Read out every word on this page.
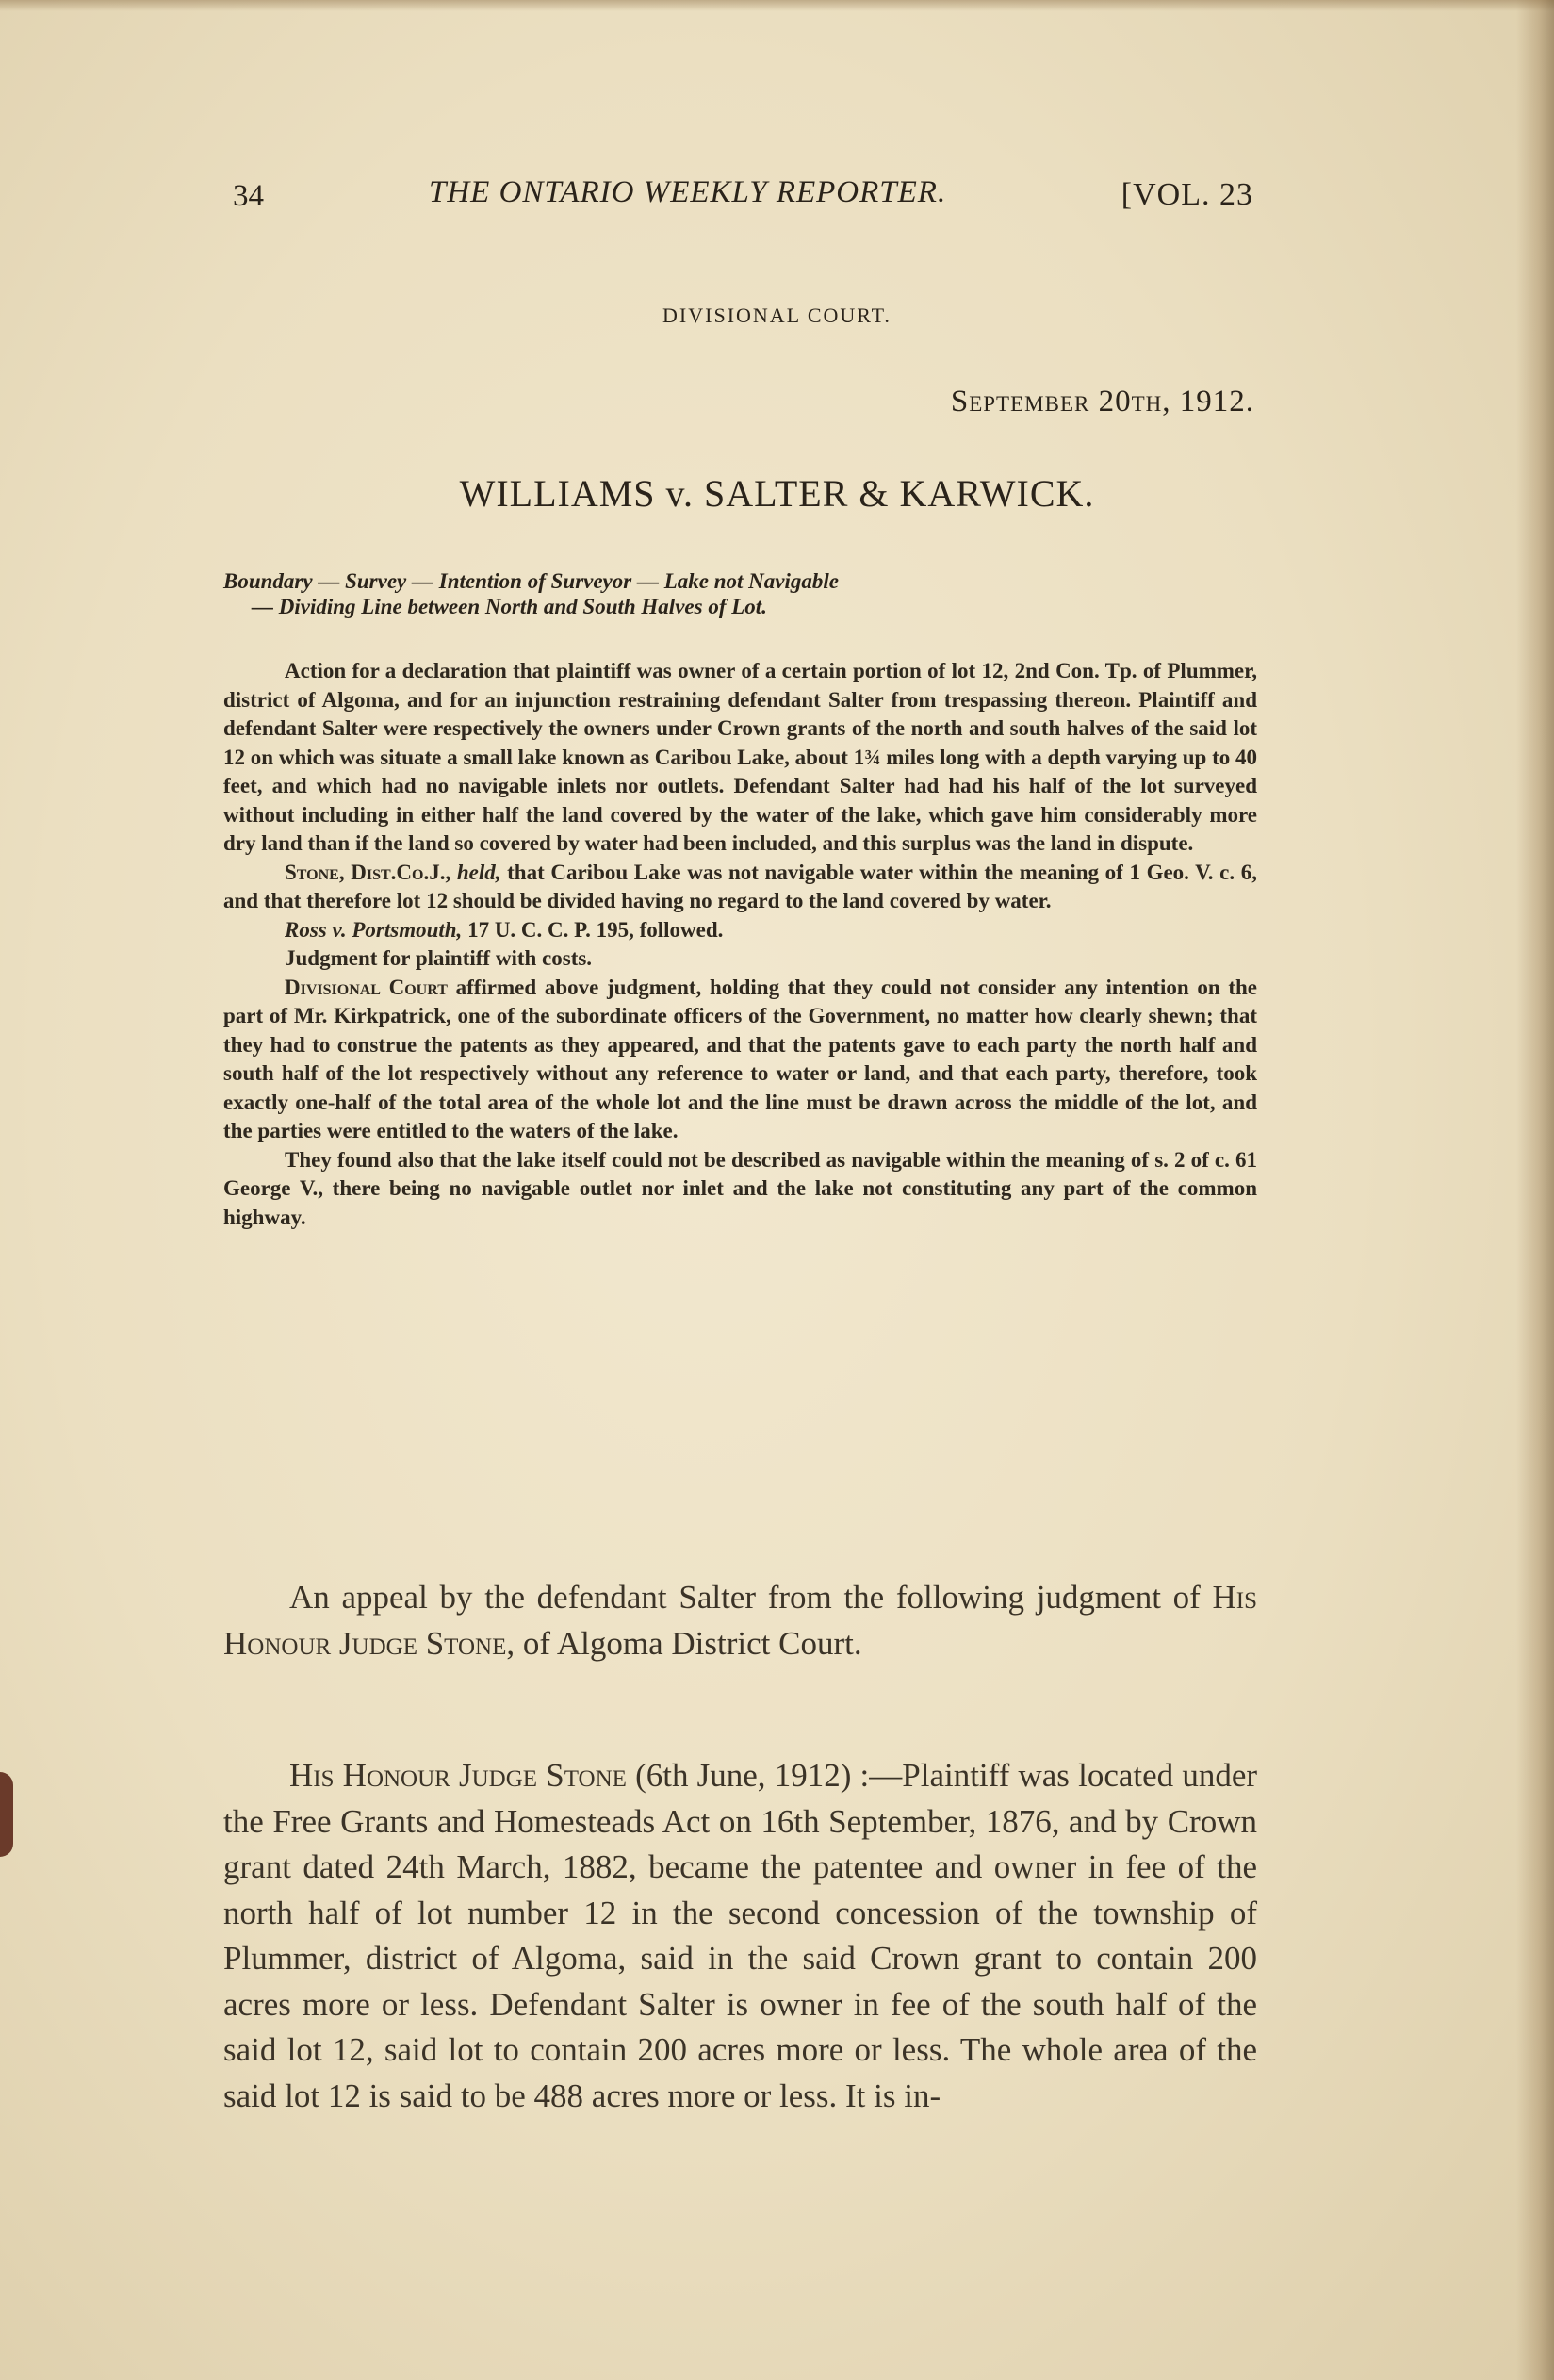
34	THE ONTARIO WEEKLY REPORTER.	[VOL. 23
DIVISIONAL COURT.
September 20th, 1912.
WILLIAMS v. SALTER & KARWICK.
Boundary — Survey — Intention of Surveyor — Lake not Navigable
— Dividing Line between North and South Halves of Lot.

Action for a declaration that plaintiff was owner of a certain portion of lot 12, 2nd Con. Tp. of Plummer, district of Algoma, and for an injunction restraining defendant Salter from trespassing thereon. Plaintiff and defendant Salter were respectively the owners under Crown grants of the north and south halves of the said lot 12 on which was situate a small lake known as Caribou Lake, about 1¾ miles long with a depth varying up to 40 feet, and which had no navigable inlets nor outlets. Defendant Salter had had his half of the lot surveyed without including in either half the land covered by the water of the lake, which gave him considerably more dry land than if the land so covered by water had been included, and this surplus was the land in dispute.

Stone, Dist.Co.J., held, that Caribou Lake was not navigable water within the meaning of 1 Geo. V. c. 6, and that therefore lot 12 should be divided having no regard to the land covered by water.

Ross v. Portsmouth, 17 U. C. C. P. 195, followed.

Judgment for plaintiff with costs.

Divisional Court affirmed above judgment, holding that they could not consider any intention on the part of Mr. Kirkpatrick, one of the subordinate officers of the Government, no matter how clearly shewn; that they had to construe the patents as they appeared, and that the patents gave to each party the north half and south half of the lot respectively without any reference to water or land, and that each party, therefore, took exactly one-half of the total area of the whole lot and the line must be drawn across the middle of the lot, and the parties were entitled to the waters of the lake.

They found also that the lake itself could not be described as navigable within the meaning of s. 2 of c. 61 George V., there being no navigable outlet nor inlet and the lake not constituting any part of the common highway.

An appeal by the defendant Salter from the following judgment of His Honour Judge Stone, of Algoma District Court.

His Honour Judge Stone (6th June, 1912) :—Plaintiff was located under the Free Grants and Homesteads Act on 16th September, 1876, and by Crown grant dated 24th March, 1882, became the patentee and owner in fee of the north half of lot number 12 in the second concession of the township of Plummer, district of Algoma, said in the said Crown grant to contain 200 acres more or less. Defendant Salter is owner in fee of the south half of the said lot 12, said lot to contain 200 acres more or less. The whole area of the said lot 12 is said to be 488 acres more or less. It is in-
